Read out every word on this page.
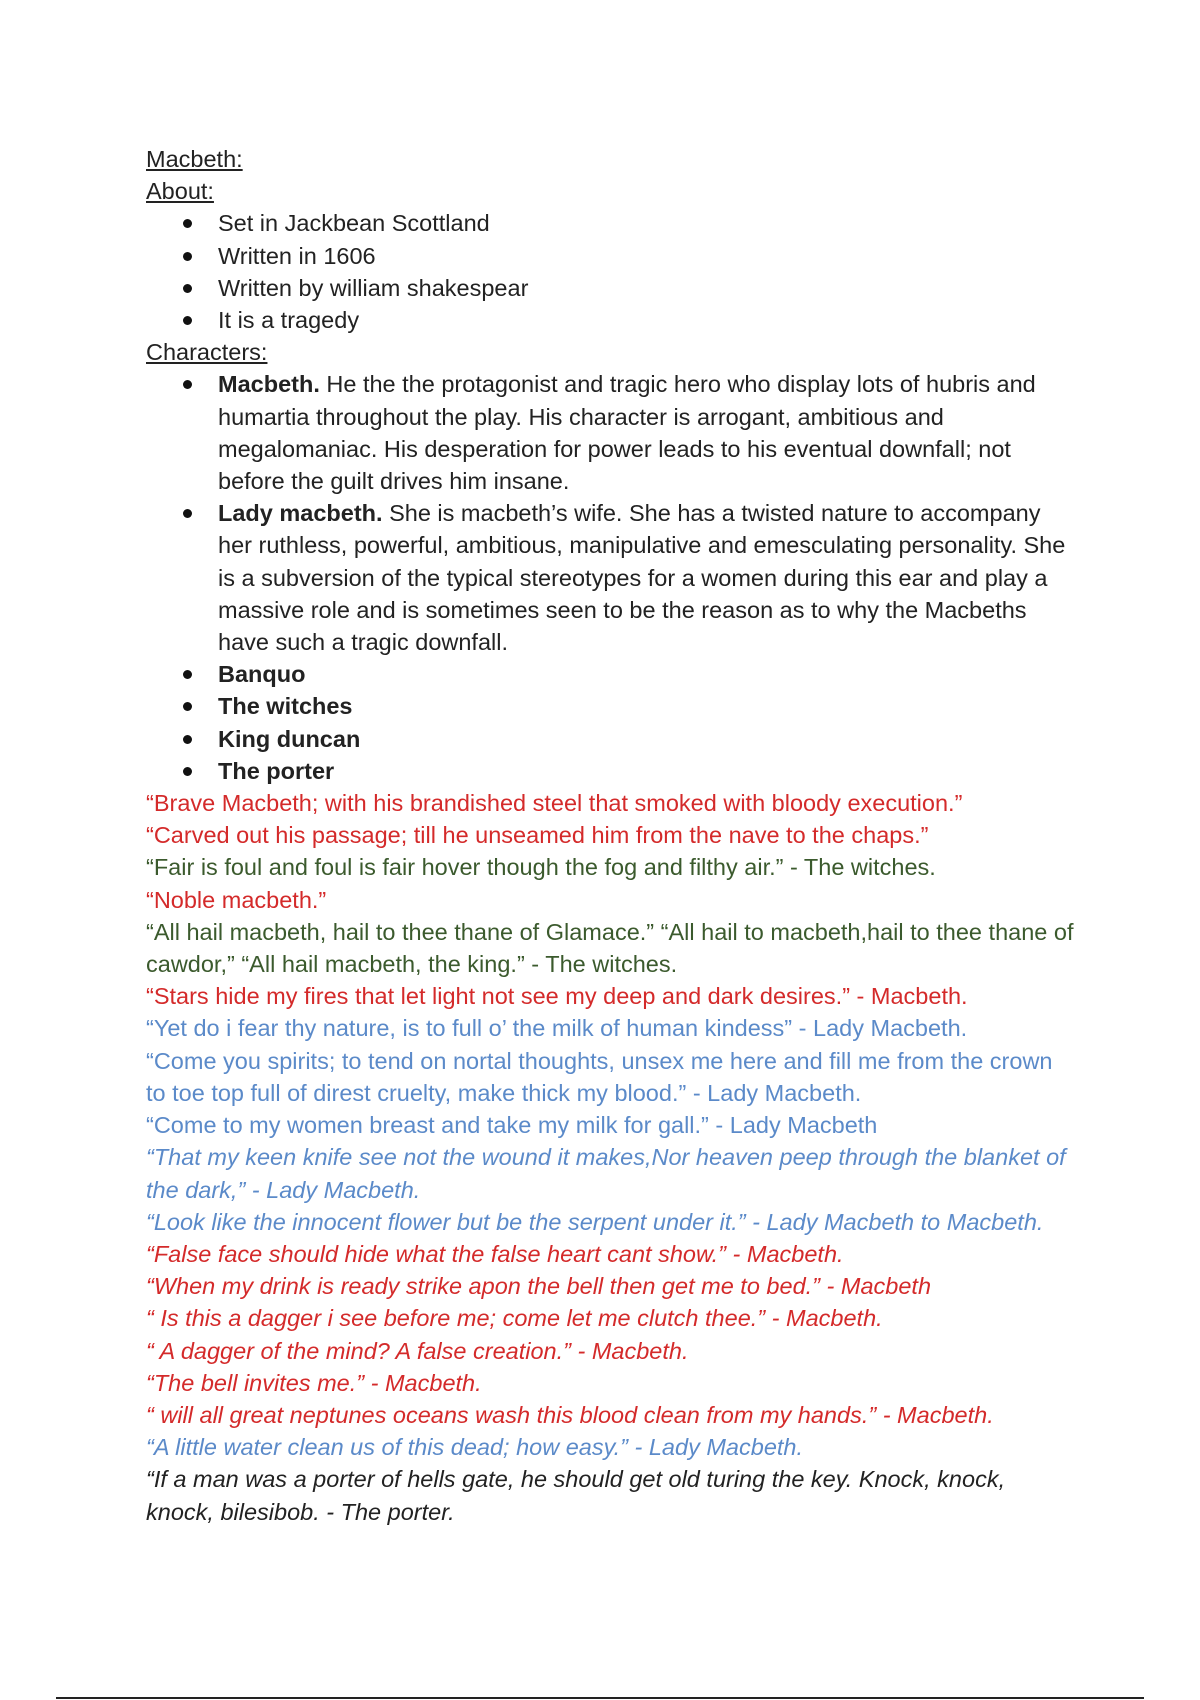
Macbeth:

About:

Set in Jackbean Scottland
Written in 1606
Written by william shakespear
It is a tragedy

Characters:

Macbeth. He the the protagonist and tragic hero who display lots of hubris and humartia throughout the play. His character is arrogant, ambitious and megalomaniac. His desperation for power leads to his eventual downfall; not before the guilt drives him insane.
Lady macbeth. She is macbeth’s wife. She has a twisted nature to accompany her ruthless, powerful, ambitious, manipulative and emesculating personality. She is a subversion of the typical stereotypes for a women during this ear and play a massive role and is sometimes seen to be the reason as to why the Macbeths have such a tragic downfall.
Banquo
The witches
King duncan
The porter

“Brave Macbeth; with his brandished steel that smoked with bloody execution.”

“Carved out his passage; till he unseamed him from the nave to the chaps.”

“Fair is foul and foul is fair hover though the fog and filthy air.” - The witches.

“Noble macbeth.”

“All hail macbeth, hail to thee thane of Glamace.” “All hail to macbeth,hail to thee thane of cawdor,” “All hail macbeth, the king.” - The witches.

“Stars hide my fires that let light not see my deep and dark desires.” - Macbeth.

“Yet do i fear thy nature, is to full o’ the milk of human kindess” - Lady Macbeth.

“Come you spirits; to tend on nortal thoughts, unsex me here and fill me from the crown to toe top full of direst cruelty, make thick my blood.” - Lady Macbeth.

“Come to my women breast and take my milk for gall.” - Lady Macbeth

“That my keen knife see not the wound it makes,Nor heaven peep through the blanket of the dark,” - Lady Macbeth.

“Look like the innocent flower but be the serpent under it.” - Lady Macbeth to Macbeth.

“False face should hide what the false heart cant show.” - Macbeth.

“When my drink is ready strike apon the bell then get me to bed.” - Macbeth

“ Is this a dagger i see before me; come let me clutch thee.” - Macbeth.

“ A dagger of the mind? A false creation.” - Macbeth.

“The bell invites me.” - Macbeth.

“ will all great neptunes oceans wash this blood clean from my hands.” - Macbeth.

“A little water clean us of this dead; how easy.” - Lady Macbeth.

“If a man was a porter of hells gate, he should get old turing the key. Knock, knock, knock, bilesibob. - The porter.
